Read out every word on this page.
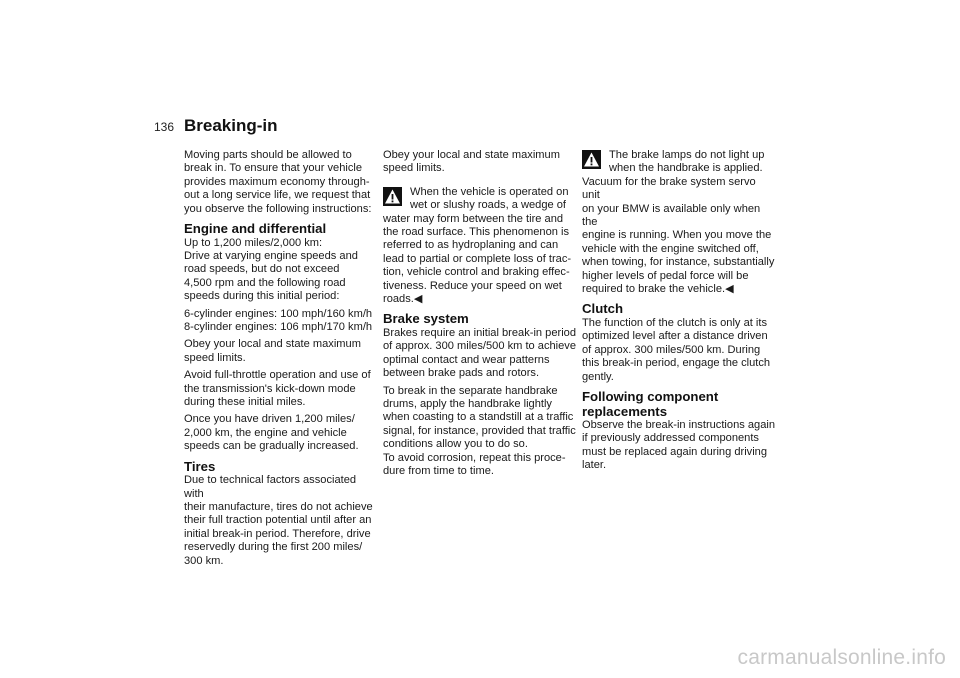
136 Breaking-in

Moving parts should be allowed to
break in. To ensure that your vehicle
provides maximum economy through-
out a long service life, we request that
you observe the following instructions:

Engine and differential

Up to 1,200 miles/2,000 km:
Drive at varying engine speeds and
road speeds, but do not exceed
4,500 rpm and the following road
speeds during this initial period:

6-cylinder engines: 100 mph/160 km/h
8-cylinder engines: 106 mph/170 km/h

Obey your local and state maximum
speed limits.

Avoid full-throttle operation and use of
the transmission's kick-down mode
during these initial miles.

Once you have driven 1,200 miles/
2,000 km, the engine and vehicle
speeds can be gradually increased.

Tires

Due to technical factors associated with
their manufacture, tires do not achieve
their full traction potential until after an
initial break-in period. Therefore, drive
reservedly during the first 200 miles/
300 km.

Obey your local and state maximum
speed limits.

When the vehicle is operated on
wet or slushy roads, a wedge of

water may form between the tire and
the road surface. This phenomenon is
referred to as hydroplaning and can
lead to partial or complete loss of trac-
tion, vehicle control and braking effec-
tiveness. Reduce your speed on wet
roads.◀

Brake system

Brakes require an initial break-in period
of approx. 300 miles/500 km to achieve
optimal contact and wear patterns
between brake pads and rotors.

To break in the separate handbrake
drums, apply the handbrake lightly
when coasting to a standstill at a traffic
signal, for instance, provided that traffic
conditions allow you to do so.
To avoid corrosion, repeat this proce-
dure from time to time.

The brake lamps do not light up
when the handbrake is applied.

Vacuum for the brake system servo unit
on your BMW is available only when the
engine is running. When you move the
vehicle with the engine switched off,
when towing, for instance, substantially
higher levels of pedal force will be
required to brake the vehicle.◀

Clutch

The function of the clutch is only at its
optimized level after a distance driven
of approx. 300 miles/500 km. During
this break-in period, engage the clutch
gently.

Following component
replacements

Observe the break-in instructions again
if previously addressed components
must be replaced again during driving
later.

carmanualsonline.info
